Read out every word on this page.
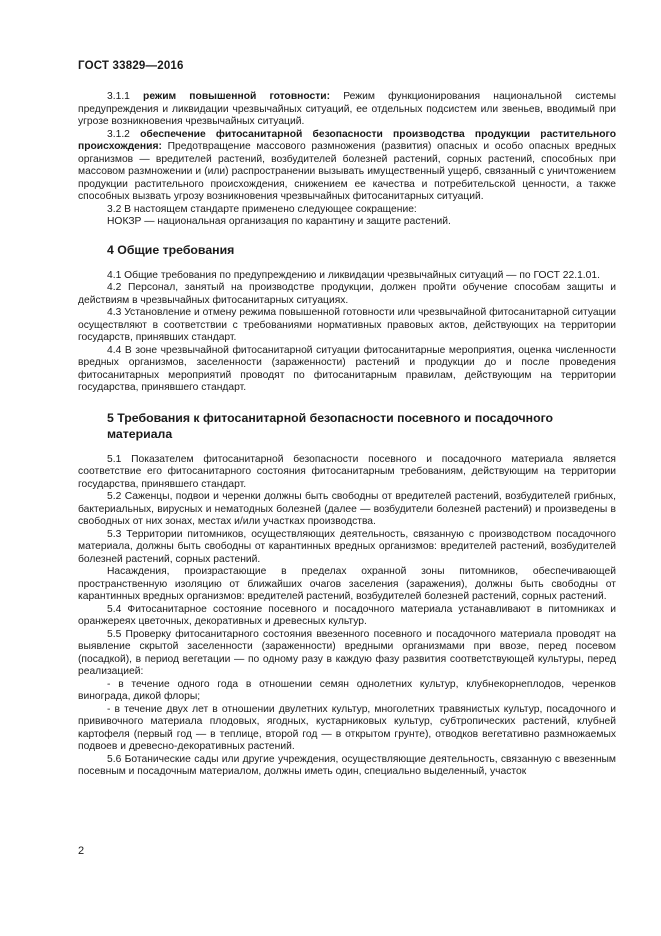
ГОСТ 33829—2016

3.1.1 режим повышенной готовности: Режим функционирования национальной системы предупреждения и ликвидации чрезвычайных ситуаций, ее отдельных подсистем или звеньев, вводимый при угрозе возникновения чрезвычайных ситуаций.

3.1.2 обеспечение фитосанитарной безопасности производства продукции растительного происхождения: Предотвращение массового размножения (развития) опасных и особо опасных вредных организмов — вредителей растений, возбудителей болезней растений, сорных растений, способных при массовом размножении и (или) распространении вызывать имущественный ущерб, связанный с уничтожением продукции растительного происхождения, снижением ее качества и потребительской ценности, а также способных вызвать угрозу возникновения чрезвычайных фитосанитарных ситуаций.

3.2 В настоящем стандарте применено следующее сокращение:

НОКЗР — национальная организация по карантину и защите растений.

4 Общие требования

4.1 Общие требования по предупреждению и ликвидации чрезвычайных ситуаций — по ГОСТ 22.1.01.

4.2 Персонал, занятый на производстве продукции, должен пройти обучение способам защиты и действиям в чрезвычайных фитосанитарных ситуациях.

4.3 Установление и отмену режима повышенной готовности или чрезвычайной фитосанитарной ситуации осуществляют в соответствии с требованиями нормативных правовых актов, действующих на территории государств, принявших стандарт.

4.4 В зоне чрезвычайной фитосанитарной ситуации фитосанитарные мероприятия, оценка численности вредных организмов, заселенности (зараженности) растений и продукции до и после проведения фитосанитарных мероприятий проводят по фитосанитарным правилам, действующим на территории государства, принявшего стандарт.

5 Требования к фитосанитарной безопасности посевного и посадочного материала

5.1 Показателем фитосанитарной безопасности посевного и посадочного материала является соответствие его фитосанитарного состояния фитосанитарным требованиям, действующим на территории государства, принявшего стандарт.

5.2 Саженцы, подвои и черенки должны быть свободны от вредителей растений, возбудителей грибных, бактериальных, вирусных и нематодных болезней (далее — возбудители болезней растений) и произведены в свободных от них зонах, местах и/или участках производства.

5.3 Территории питомников, осуществляющих деятельность, связанную с производством посадочного материала, должны быть свободны от карантинных вредных организмов: вредителей растений, возбудителей болезней растений, сорных растений.

Насаждения, произрастающие в пределах охранной зоны питомников, обеспечивающей пространственную изоляцию от ближайших очагов заселения (заражения), должны быть свободны от карантинных вредных организмов: вредителей растений, возбудителей болезней растений, сорных растений.

5.4 Фитосанитарное состояние посевного и посадочного материала устанавливают в питомниках и оранжереях цветочных, декоративных и древесных культур.

5.5 Проверку фитосанитарного состояния ввезенного посевного и посадочного материала проводят на выявление скрытой заселенности (зараженности) вредными организмами при ввозе, перед посевом (посадкой), в период вегетации — по одному разу в каждую фазу развития соответствующей культуры, перед реализацией:

- в течение одного года в отношении семян однолетних культур, клубнекорнеплодов, черенков винограда, дикой флоры;

- в течение двух лет в отношении двулетних культур, многолетних травянистых культур, посадочного и прививочного материала плодовых, ягодных, кустарниковых культур, субтропических растений, клубней картофеля (первый год — в теплице, второй год — в открытом грунте), отводков вегетативно размножаемых подвоев и древесно-декоративных растений.

5.6 Ботанические сады или другие учреждения, осуществляющие деятельность, связанную с ввезенным посевным и посадочным материалом, должны иметь один, специально выделенный, участок

2
